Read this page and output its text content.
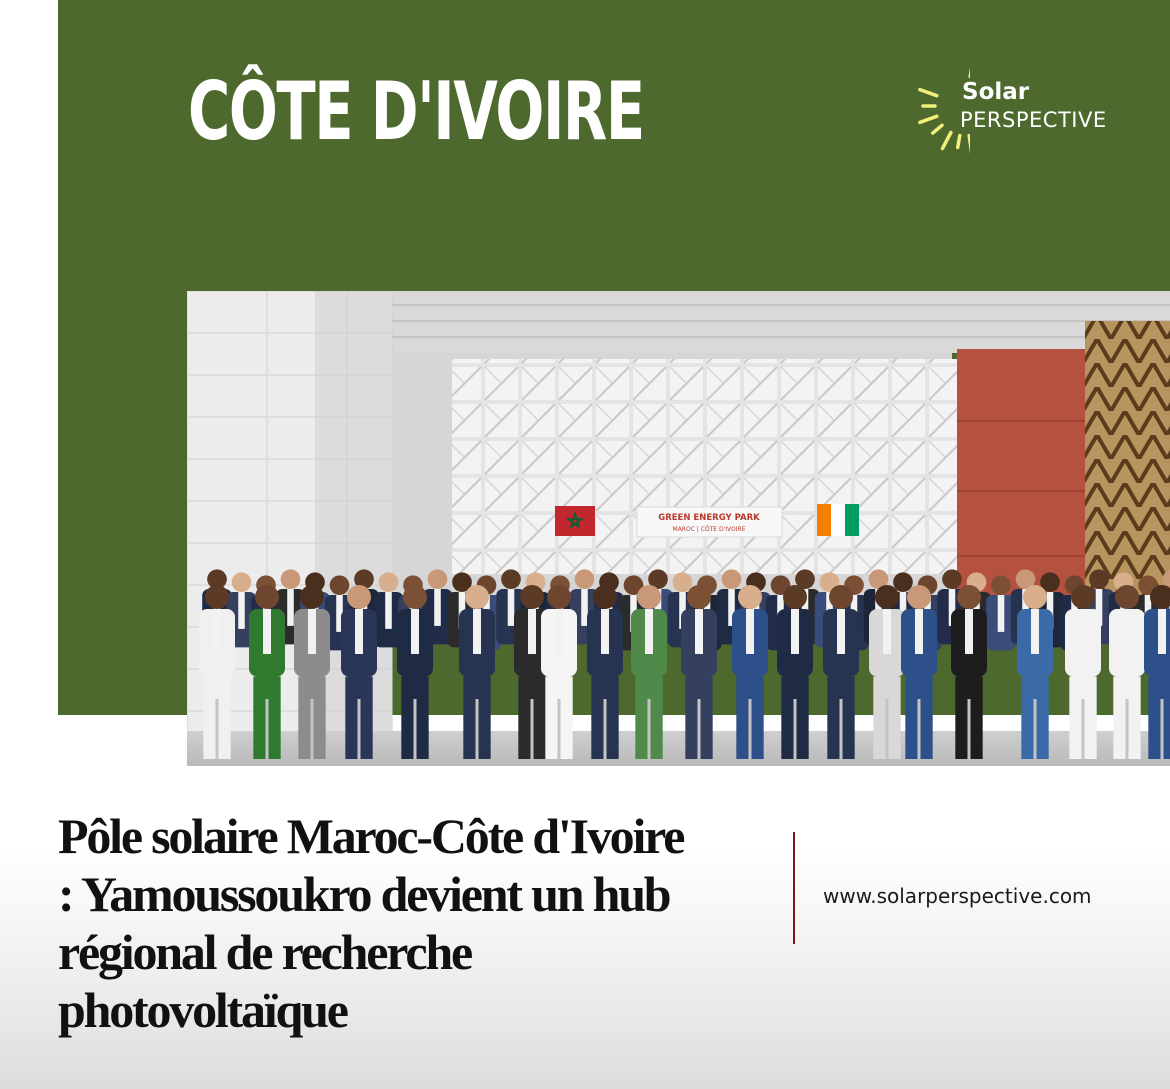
CÔTE D'IVOIRE	Solar
PERSPECTIVE
GREEN ENERGY PARK
MAROC | CÔTE D'IVOIRE
Pôle solaire Maroc-Côte d'Ivoire : Yamoussoukro devient un hub régional de recherche photovoltaïque
www.solarperspective.com
